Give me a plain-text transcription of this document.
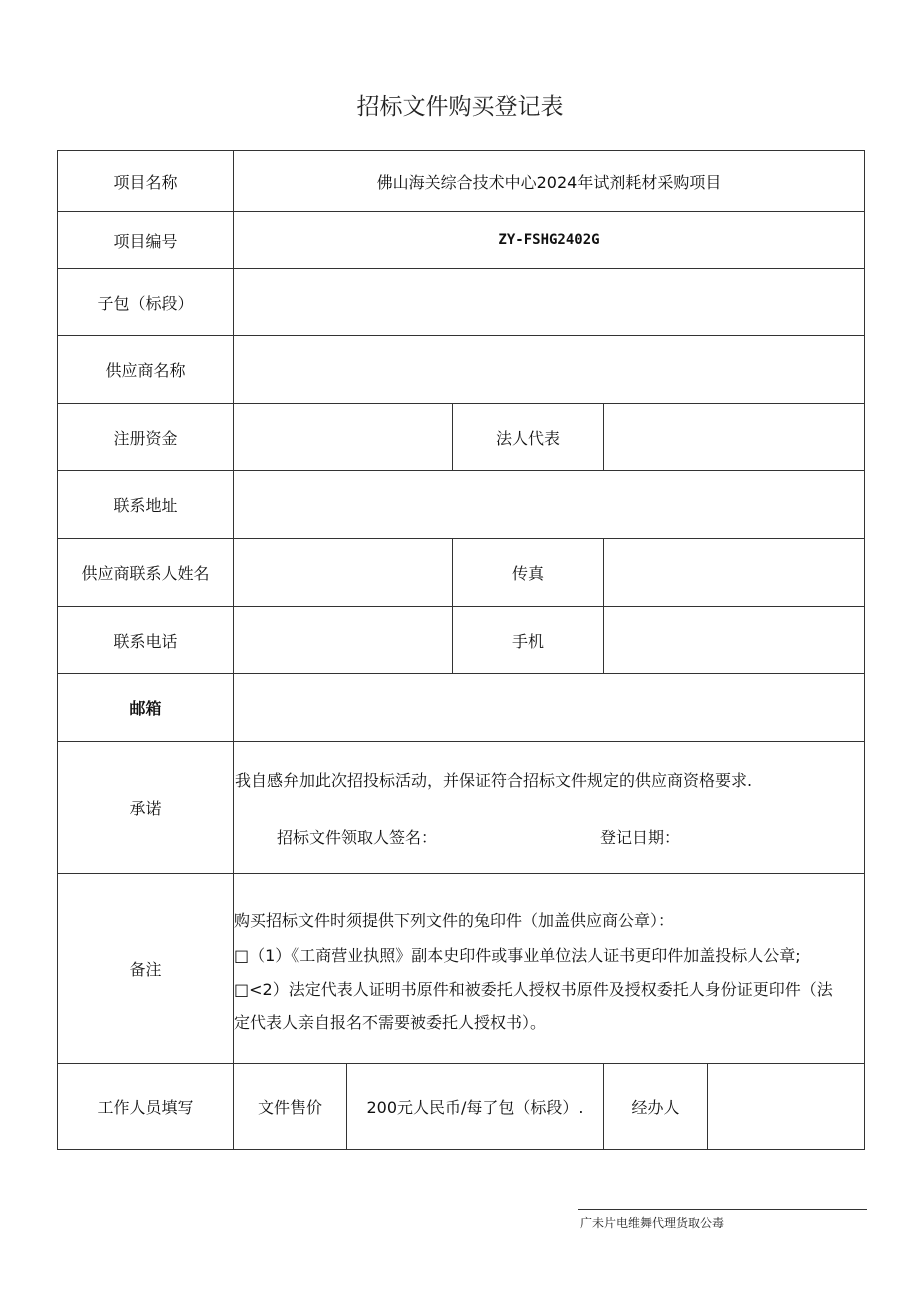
招标文件购买登记表
项目名称	佛山海关综合技术中心2024年试剂耗材采购项目
项目编号	ZY-FSHG2402G
子包（标段）
供应商名称
注册资金	法人代表
联系地址
供应商联系人姓名	传真
联系电话	手机
邮箱
承诺
我自感弁加此次招投标活动，并保证符合招标文件规定的供应商资格要求.
招标文件领取人签名：	登记日期：
备注
购买招标文件时须提供下列文件的兔印件（加盖供应商公章）：
□（1）《工商营业执照》副本史印件或事业单位法人证书更印件加盖投标人公章;
□<2）法定代表人证明书原件和被委托人授权书原件及授权委托人身份证更印件（法
定代表人亲自报名不需要被委托人授权书）。
工作人员填写	文件售价	200元人民币/每了包（标段）.	经办人
广未片电维舞代理货取公毒
